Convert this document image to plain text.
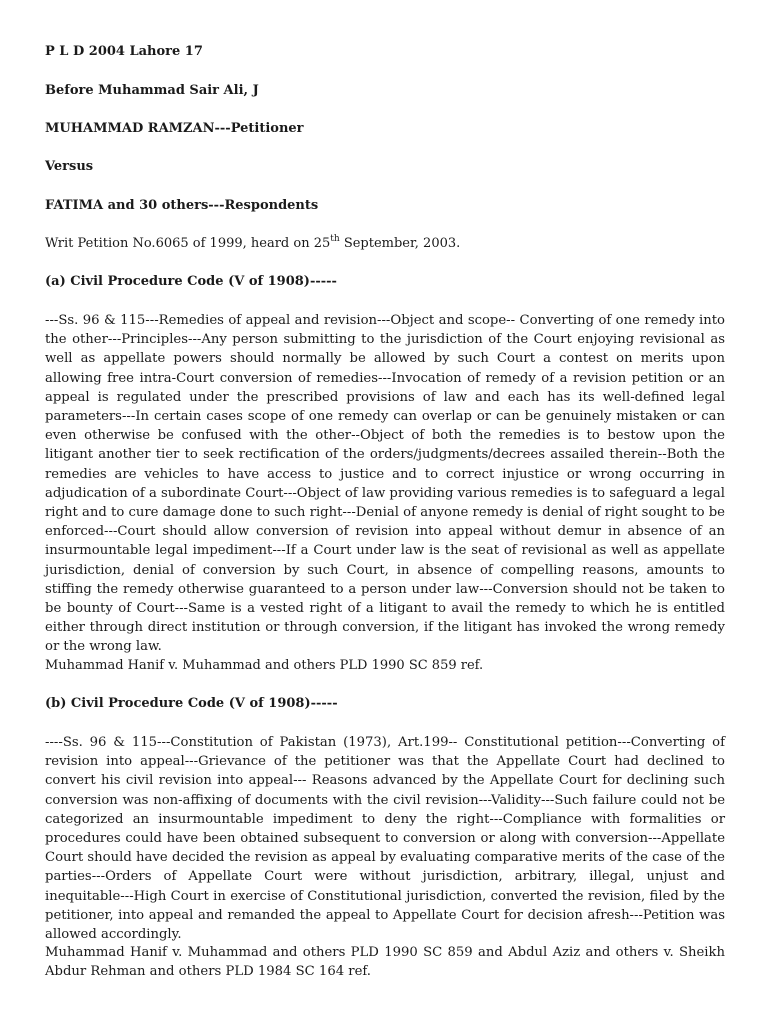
P L D 2004 Lahore 17
Before Muhammad Sair Ali, J
MUHAMMAD RAMZAN---Petitioner
Versus
FATIMA and 30 others---Respondents
Writ Petition No.6065 of 1999, heard on 25th September, 2003.
(a) Civil Procedure Code (V of 1908)-----
---Ss. 96 & 115---Remedies of appeal and revision---Object and scope-- Converting of one remedy into the other---Principles---Any person submitting to the jurisdiction of the Court enjoying revisional as well as appellate powers should normally be allowed by such Court a contest on merits upon allowing free intra-Court conversion of remedies---Invocation of remedy of a revision petition or an appeal is regulated under the prescribed provisions of law and each has its well-defined legal parameters---In certain cases scope of one remedy can overlap or can be genuinely mistaken or can even otherwise be confused with the other--Object of both the remedies is to bestow upon the litigant another tier to seek rectification of the orders/judgments/decrees assailed therein--Both the remedies are vehicles to have access to justice and to correct injustice or wrong occurring in adjudication of a subordinate Court---Object of law providing various remedies is to safeguard a legal right and to cure damage done to such right---Denial of anyone remedy is denial of right sought to be enforced---Court should allow conversion of revision into appeal without demur in absence of an insurmountable legal impediment---If a Court under law is the seat of revisional as well as appellate jurisdiction, denial of conversion by such Court, in absence of compelling reasons, amounts to stiffing the remedy otherwise guaranteed to a person under law---Conversion should not be taken to be bounty of Court---Same is a vested right of a litigant to avail the remedy to which he is entitled either through direct institution or through conversion, if the litigant has invoked the wrong remedy or the wrong law.
Muhammad Hanif v. Muhammad and others PLD 1990 SC 859 ref.
(b) Civil Procedure Code (V of 1908)-----
----Ss. 96 & 115---Constitution of Pakistan (1973), Art.199-- Constitutional petition---Converting of revision into appeal---Grievance of the petitioner was that the Appellate Court had declined to convert his civil revision into appeal--- Reasons advanced by the Appellate Court for declining such conversion was non-affixing of documents with the civil revision---Validity---Such failure could not be categorized an insurmountable impediment to deny the right---Compliance with formalities or procedures could have been obtained subsequent to conversion or along with conversion---Appellate Court should have decided the revision as appeal by evaluating comparative merits of the case of the parties---Orders of Appellate Court were without jurisdiction, arbitrary, illegal, unjust and inequitable---High Court in exercise of Constitutional jurisdiction, converted the revision, filed by the petitioner, into appeal and remanded the appeal to Appellate Court for decision afresh---Petition was allowed accordingly.
Muhammad Hanif v. Muhammad and others PLD 1990 SC 859 and Abdul Aziz and others v. Sheikh Abdur Rehman and others PLD 1984 SC 164 ref.
